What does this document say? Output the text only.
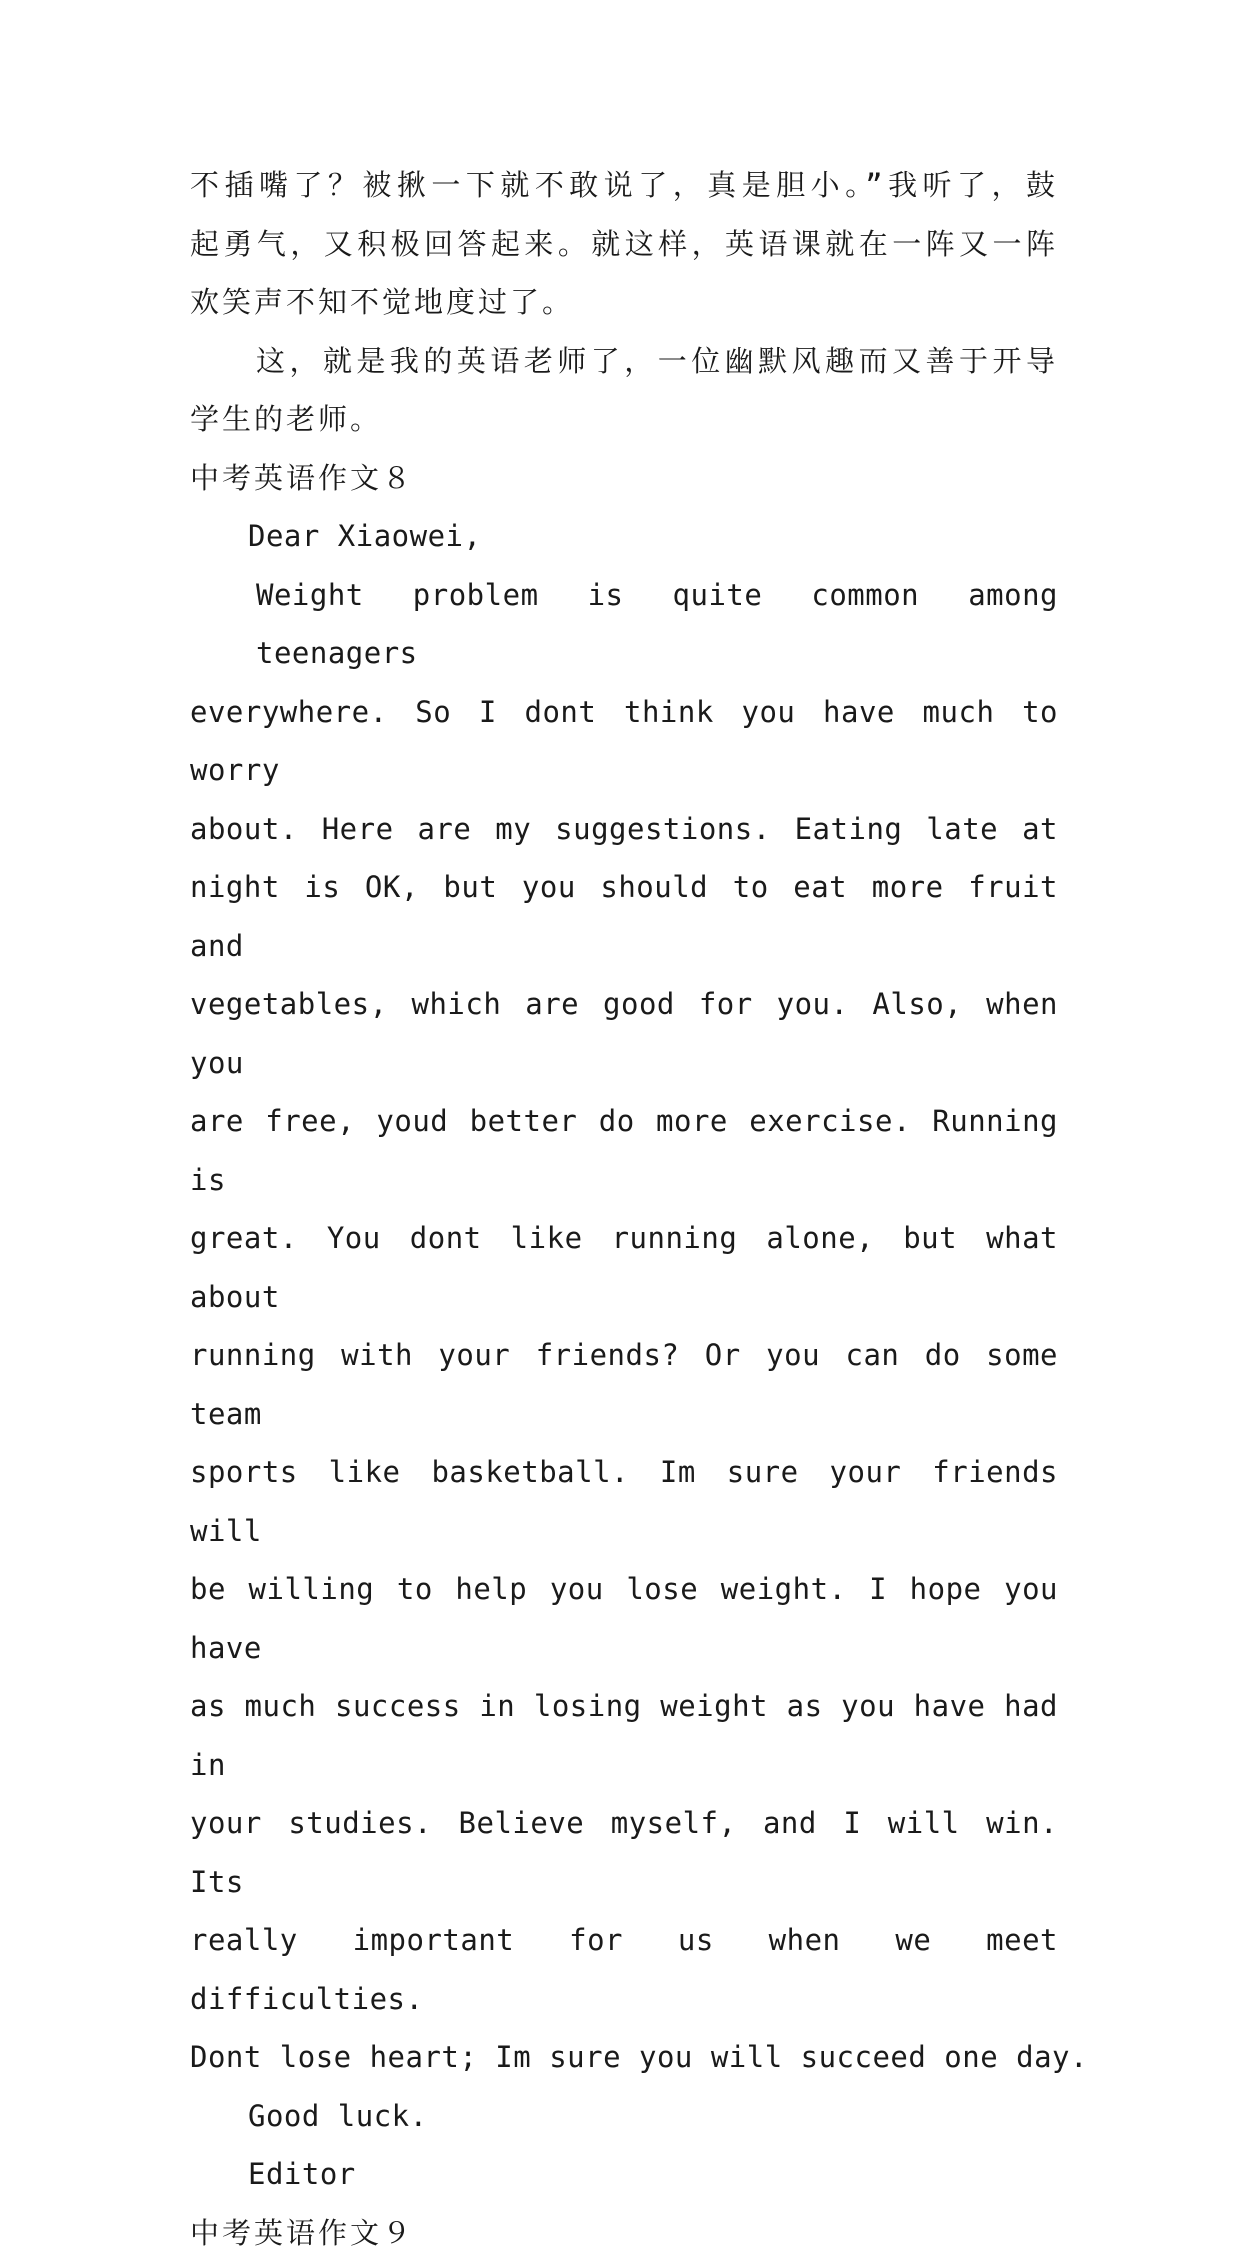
不插嘴了？被揪一下就不敢说了，真是胆小。”我听了，鼓

起勇气，又积极回答起来。就这样，英语课就在一阵又一阵

欢笑声不知不觉地度过了。

这，就是我的英语老师了，一位幽默风趣而又善于开导

学生的老师。

中考英语作文８

Dear Xiaowei,

Weight problem is quite common among teenagers

everywhere. So I dont think you have much to worry

about. Here are my suggestions. Eating late at

night is OK, but you should to eat more fruit and

vegetables, which are good for you. Also, when you

are free, youd better do more exercise. Running is

great. You dont like running alone, but what about

running with your friends? Or you can do some team

sports like basketball. Im sure your friends will

be willing to help you lose weight. I hope you have

as much success in losing weight as you have had in

your studies. Believe myself, and I will win. Its

really important for us when we meet difficulties.

Dont lose heart; Im sure you will succeed one day.

Good luck.

Editor

中考英语作文９
